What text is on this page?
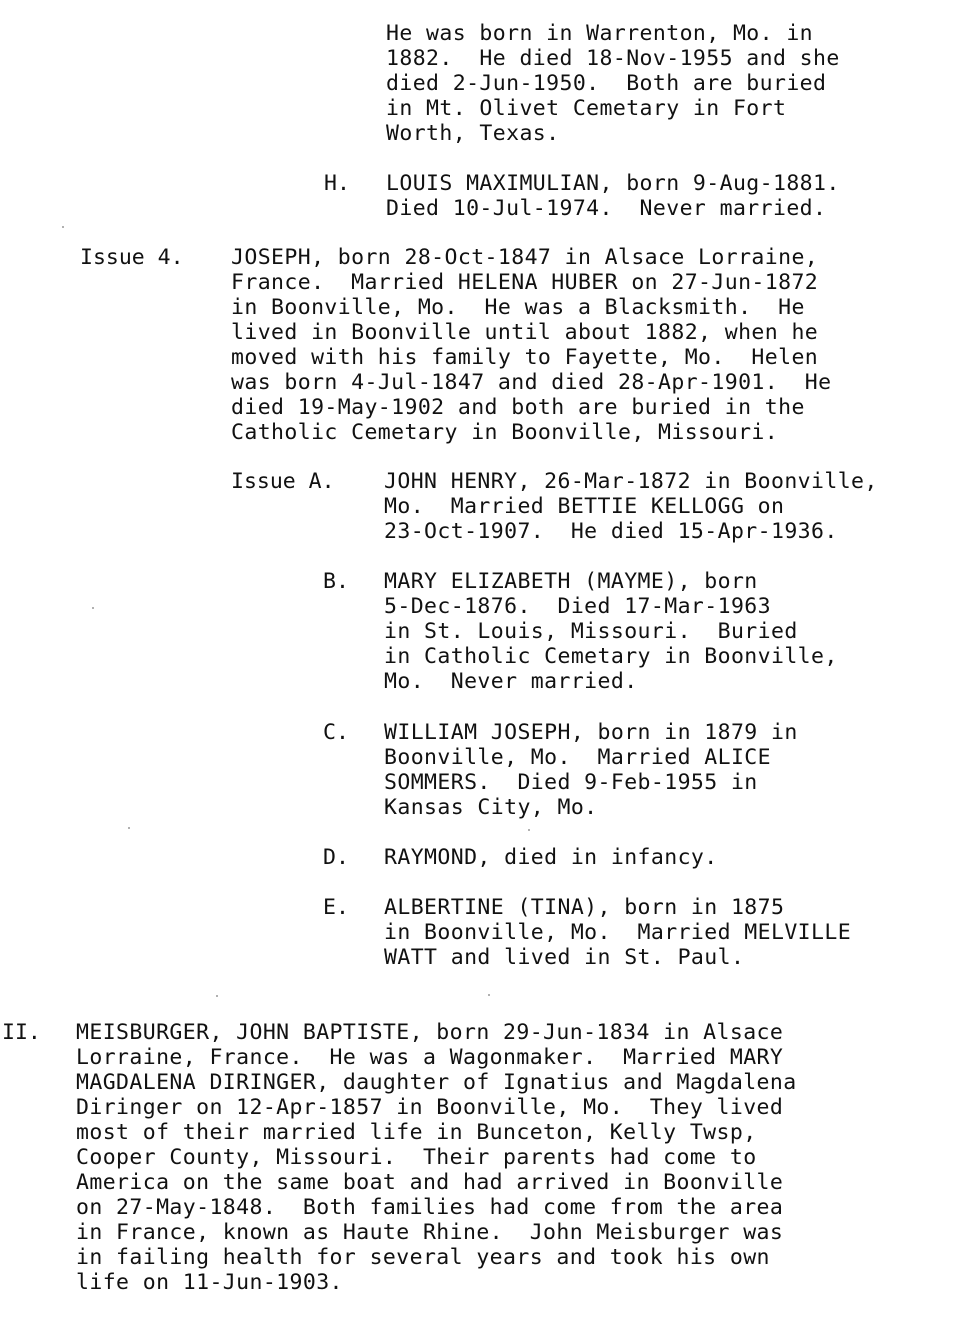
He was born in Warrenton, Mo. in
1882.  He died 18-Nov-1955 and she
died 2-Jun-1950.  Both are buried
in Mt. Olivet Cemetary in Fort
Worth, Texas.
H. LOUIS MAXIMULIAN, born 9-Aug-1881.
Died 10-Jul-1974.  Never married.
Issue 4. JOSEPH, born 28-Oct-1847 in Alsace Lorraine,
France.  Married HELENA HUBER on 27-Jun-1872
in Boonville, Mo.  He was a Blacksmith.  He
lived in Boonville until about 1882, when he
moved with his family to Fayette, Mo.  Helen
was born 4-Jul-1847 and died 28-Apr-1901.  He
died 19-May-1902 and both are buried in the
Catholic Cemetary in Boonville, Missouri.
Issue A. JOHN HENRY, 26-Mar-1872 in Boonville,
Mo.  Married BETTIE KELLOGG on
23-Oct-1907.  He died 15-Apr-1936.
B. MARY ELIZABETH (MAYME), born
5-Dec-1876.  Died 17-Mar-1963
in St. Louis, Missouri.  Buried
in Catholic Cemetary in Boonville,
Mo.  Never married.
C. WILLIAM JOSEPH, born in 1879 in
Boonville, Mo.  Married ALICE
SOMMERS.  Died 9-Feb-1955 in
Kansas City, Mo.
D. RAYMOND, died in infancy.
E. ALBERTINE (TINA), born in 1875
in Boonville, Mo.  Married MELVILLE
WATT and lived in St. Paul.
II. MEISBURGER, JOHN BAPTISTE, born 29-Jun-1834 in Alsace
Lorraine, France.  He was a Wagonmaker.  Married MARY
MAGDALENA DIRINGER, daughter of Ignatius and Magdalena
Diringer on 12-Apr-1857 in Boonville, Mo.  They lived
most of their married life in Bunceton, Kelly Twsp,
Cooper County, Missouri.  Their parents had come to
America on the same boat and had arrived in Boonville
on 27-May-1848.  Both families had come from the area
in France, known as Haute Rhine.  John Meisburger was
in failing health for several years and took his own
life on 11-Jun-1903.
